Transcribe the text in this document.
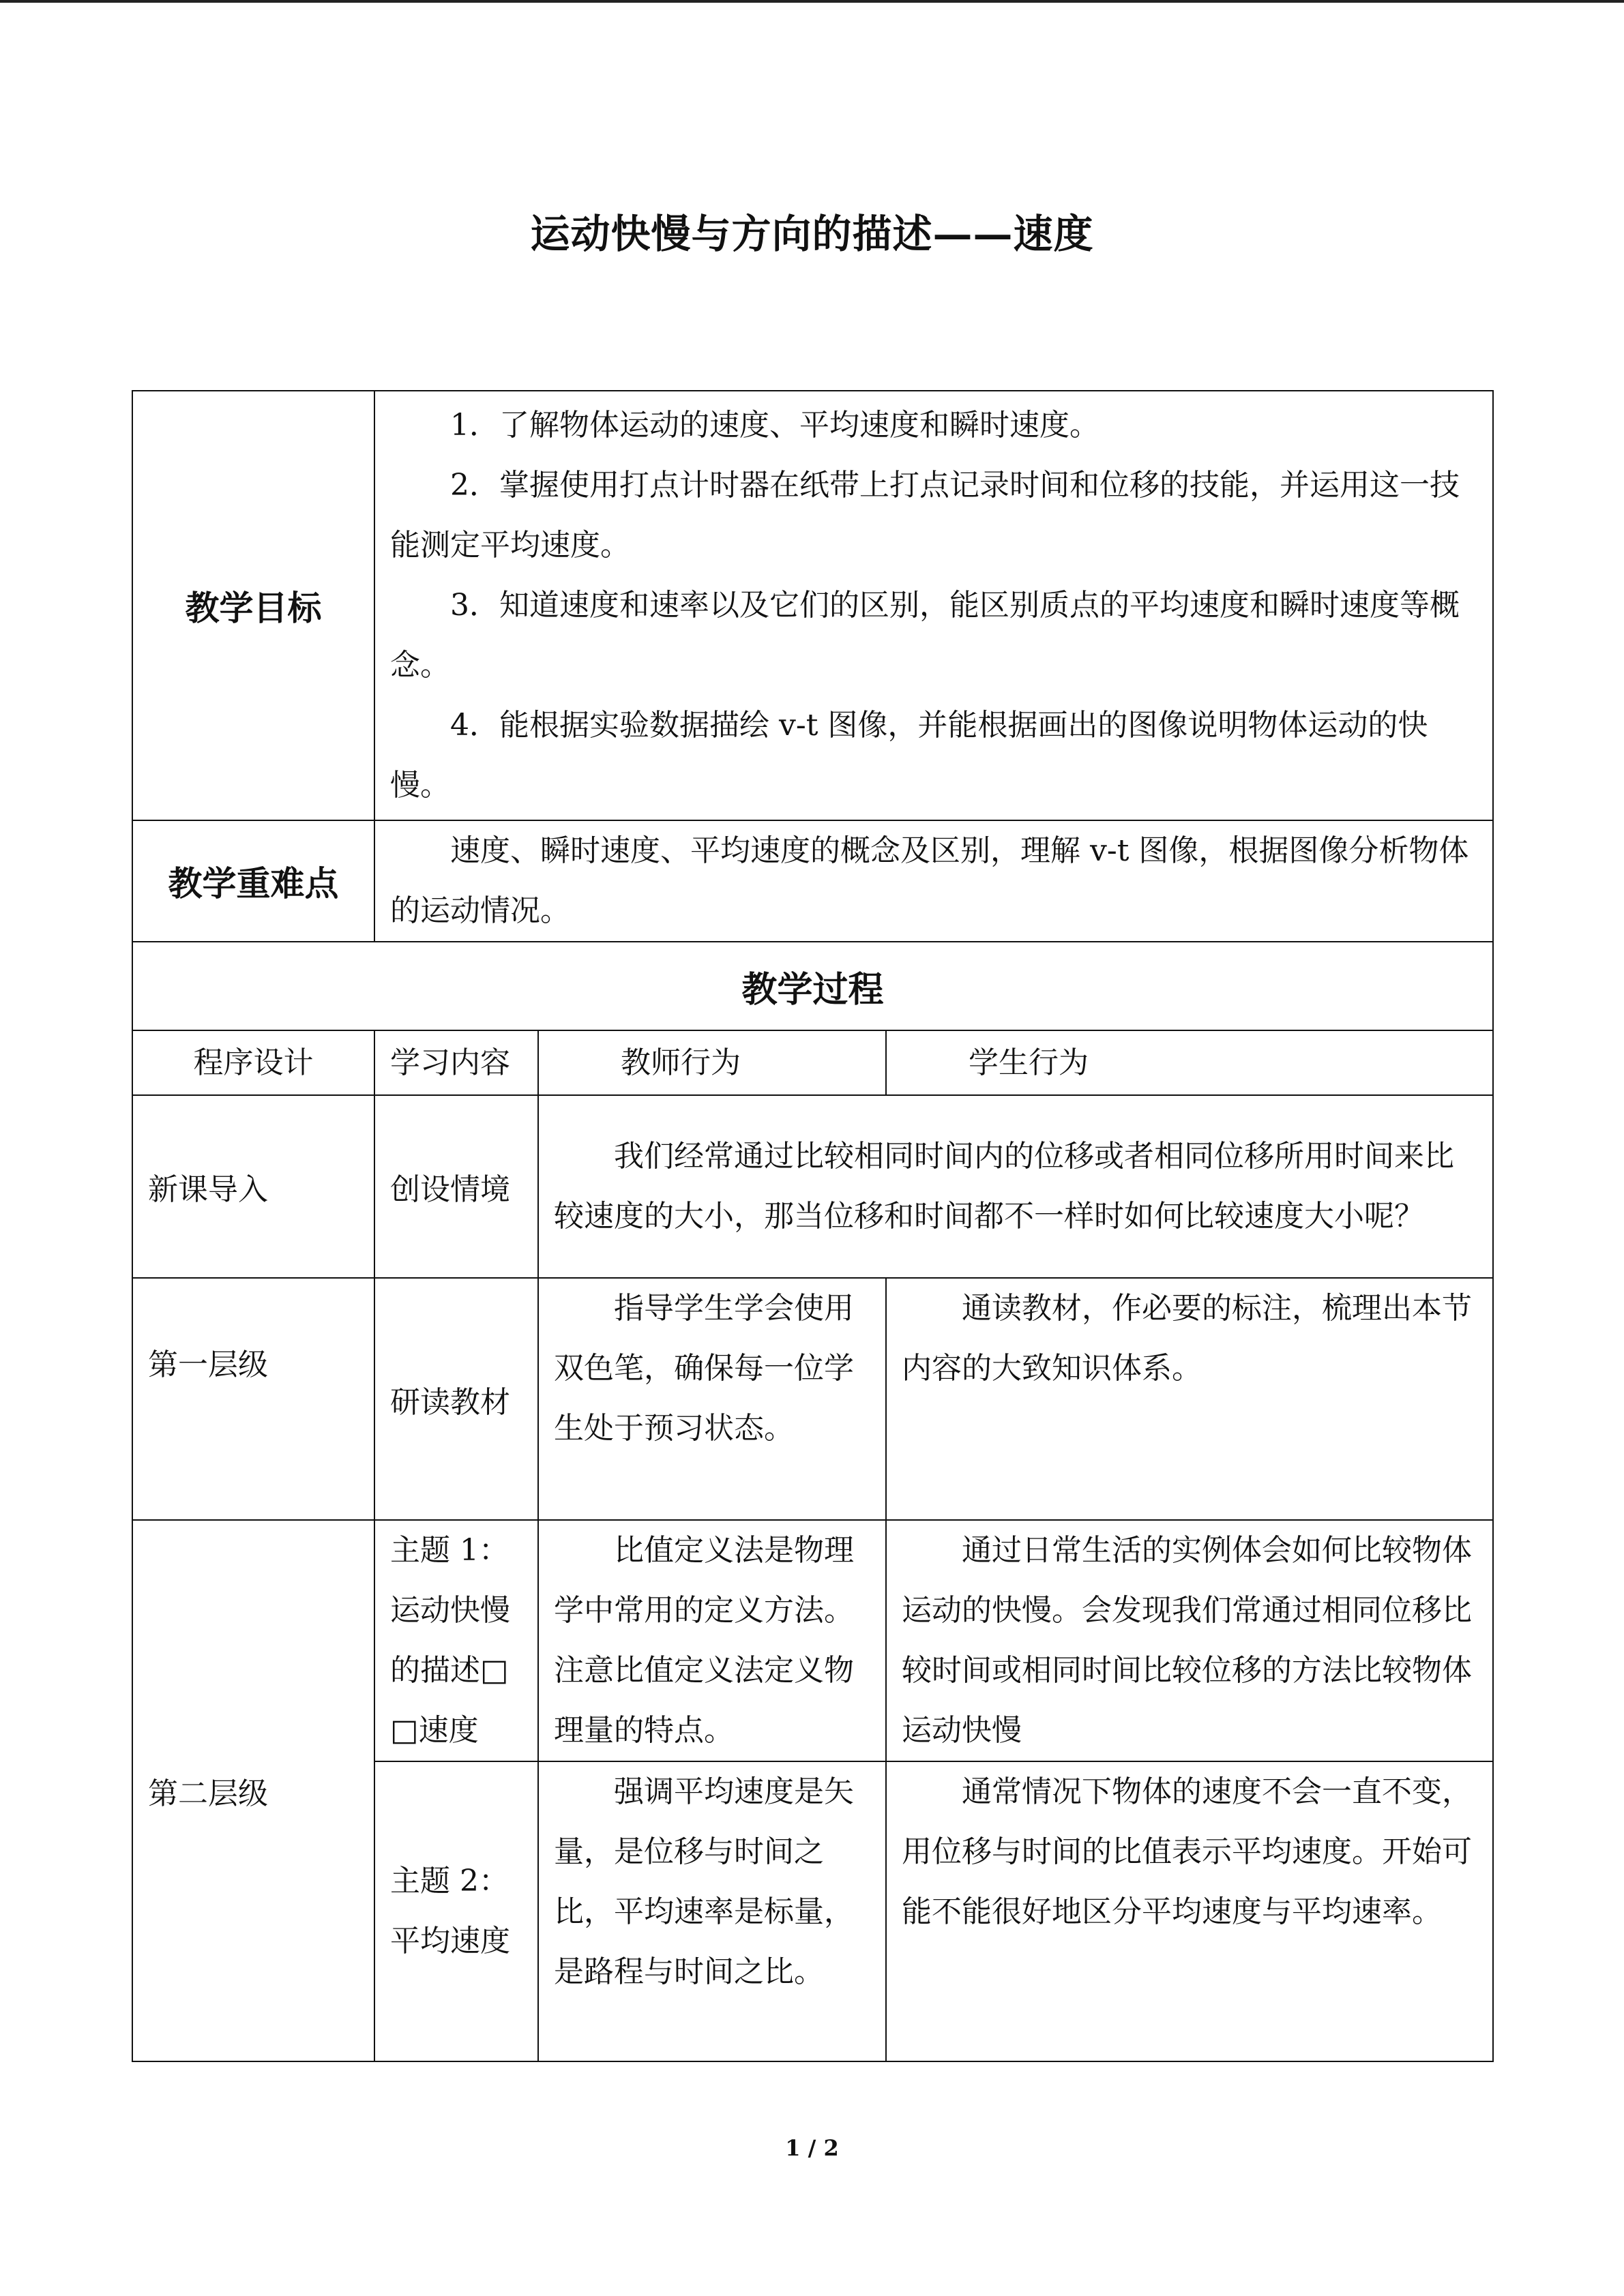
运动快慢与方向的描述——速度
教学目标	1．了解物体运动的速度、平均速度和瞬时速度。

2．掌握使用打点计时器在纸带上打点记录时间和位移的技能，并运用这一技能测定平均速度。

3．知道速度和速率以及它们的区别，能区别质点的平均速度和瞬时速度等概念。

4．能根据实验数据描绘 v-t 图像，并能根据画出的图像说明物体运动的快慢。		

教学重难点	速度、瞬时速度、平均速度的概念及区别，理解 v-t 图像，根据图像分析物体的运动情况。		

教学过程			
程序设计	学习内容	教师行为	学生行为
新课导入	创设情境	我们经常通过比较相同时间内的位移或者相同位移所用时间来比较速度的大小，那当位移和时间都不一样时如何比较速度大小呢？	

第一层级	研读教材	指导学生学会使用双色笔，确保每一位学生处于预习状态。	通读教材，作必要的标注，梳理出本节内容的大致知识体系。

第二层级	主题 1：运动快慢的描述□□速度	比值定义法是物理学中常用的定义方法。注意比值定义法定义物理量的特点。	通过日常生活的实例体会如何比较物体运动的快慢。会发现我们常通过相同位移比较时间或相同时间比较位移的方法比较物体运动快慢

	主题 2：平均速度	强调平均速度是矢量，是位移与时间之比，平均速率是标量，是路程与时间之比。	通常情况下物体的速度不会一直不变，用位移与时间的比值表示平均速度。开始可能不能很好地区分平均速度与平均速率。

1 / 2
